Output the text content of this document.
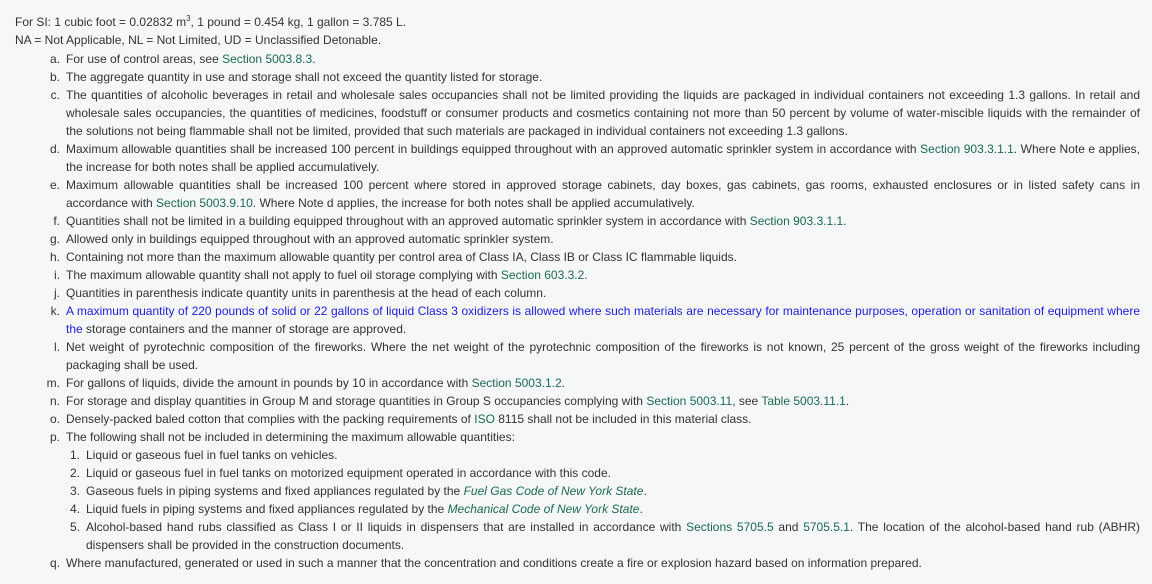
For SI: 1 cubic foot = 0.02832 $m^3$, 1 pound = 0.454 kg, 1 gallon = 3.785 L.
NA = Not Applicable, NL = Not Limited, UD = Unclassified Detonable.
a. For use of control areas, see Section 5003.8.3.
b. The aggregate quantity in use and storage shall not exceed the quantity listed for storage.
c. The quantities of alcoholic beverages in retail and wholesale sales occupancies shall not be limited providing the liquids are packaged in individual containers not exceeding 1.3 gallons. In retail and wholesale sales occupancies, the quantities of medicines, foodstuff or consumer products and cosmetics containing not more than 50 percent by volume of water-miscible liquids with the remainder of the solutions not being flammable shall not be limited, provided that such materials are packaged in individual containers not exceeding 1.3 gallons.
d. Maximum allowable quantities shall be increased 100 percent in buildings equipped throughout with an approved automatic sprinkler system in accordance with Section 903.3.1.1. Where Note e applies, the increase for both notes shall be applied accumulatively.
e. Maximum allowable quantities shall be increased 100 percent where stored in approved storage cabinets, day boxes, gas cabinets, gas rooms, exhausted enclosures or in listed safety cans in accordance with Section 5003.9.10. Where Note d applies, the increase for both notes shall be applied accumulatively.
f. Quantities shall not be limited in a building equipped throughout with an approved automatic sprinkler system in accordance with Section 903.3.1.1.
g. Allowed only in buildings equipped throughout with an approved automatic sprinkler system.
h. Containing not more than the maximum allowable quantity per control area of Class IA, Class IB or Class IC flammable liquids.
i. The maximum allowable quantity shall not apply to fuel oil storage complying with Section 603.3.2.
j. Quantities in parenthesis indicate quantity units in parenthesis at the head of each column.
k. A maximum quantity of 220 pounds of solid or 22 gallons of liquid Class 3 oxidizers is allowed where such materials are necessary for maintenance purposes, operation or sanitation of equipment where the storage containers and the manner of storage are approved.
l. Net weight of pyrotechnic composition of the fireworks. Where the net weight of the pyrotechnic composition of the fireworks is not known, 25 percent of the gross weight of the fireworks including packaging shall be used.
m. For gallons of liquids, divide the amount in pounds by 10 in accordance with Section 5003.1.2.
n. For storage and display quantities in Group M and storage quantities in Group S occupancies complying with Section 5003.11, see Table 5003.11.1.
o. Densely-packed baled cotton that complies with the packing requirements of ISO 8115 shall not be included in this material class.
p. The following shall not be included in determining the maximum allowable quantities:
1. Liquid or gaseous fuel in fuel tanks on vehicles.
2. Liquid or gaseous fuel in fuel tanks on motorized equipment operated in accordance with this code.
3. Gaseous fuels in piping systems and fixed appliances regulated by the Fuel Gas Code of New York State.
4. Liquid fuels in piping systems and fixed appliances regulated by the Mechanical Code of New York State.
5. Alcohol-based hand rubs classified as Class I or II liquids in dispensers that are installed in accordance with Sections 5705.5 and 5705.5.1. The location of the alcohol-based hand rub (ABHR) dispensers shall be provided in the construction documents.
q. Where manufactured, generated or used in such a manner that the concentration and conditions create a fire or explosion hazard based on information prepared.
